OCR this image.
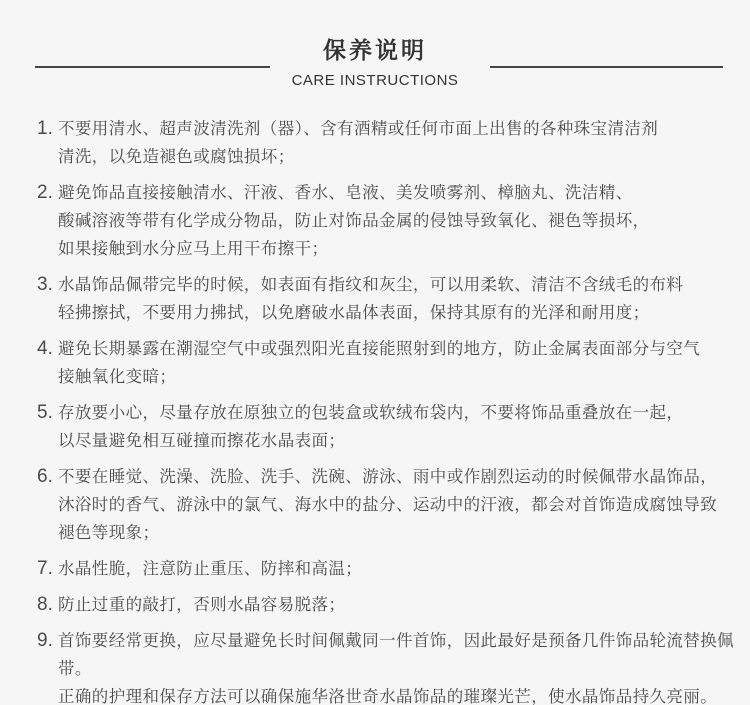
保养说明
CARE INSTRUCTIONS
1. 不要用清水、超声波清洗剂（器）、含有酒精或任何市面上出售的各种珠宝清洁剂
清洗，以免造褪色或腐蚀损坏；
2. 避免饰品直接接触清水、汗液、香水、皂液、美发喷雾剂、樟脑丸、洗洁精、
酸碱溶液等带有化学成分物品，防止对饰品金属的侵蚀导致氧化、褪色等损坏，
如果接触到水分应马上用干布擦干；
3. 水晶饰品佩带完毕的时候，如表面有指纹和灰尘，可以用柔软、清洁不含绒毛的布料
轻拂擦拭，不要用力拂拭，以免磨破水晶体表面，保持其原有的光泽和耐用度；
4. 避免长期暴露在潮湿空气中或强烈阳光直接能照射到的地方，防止金属表面部分与空气
接触氧化变暗；
5. 存放要小心，尽量存放在原独立的包装盒或软绒布袋内，不要将饰品重叠放在一起，
以尽量避免相互碰撞而擦花水晶表面；
6. 不要在睡觉、洗澡、洗脸、洗手、洗碗、游泳、雨中或作剧烈运动的时候佩带水晶饰品，
沐浴时的香气、游泳中的氯气、海水中的盐分、运动中的汗液，都会对首饰造成腐蚀导致
褪色等现象；
7. 水晶性脆，注意防止重压、防摔和高温；
8. 防止过重的敲打，否则水晶容易脱落；
9. 首饰要经常更换，应尽量避免长时间佩戴同一件首饰，因此最好是预备几件饰品轮流替换佩带。
正确的护理和保存方法可以确保施华洛世奇水晶饰品的璀璨光芒，使水晶饰品持久亮丽。
